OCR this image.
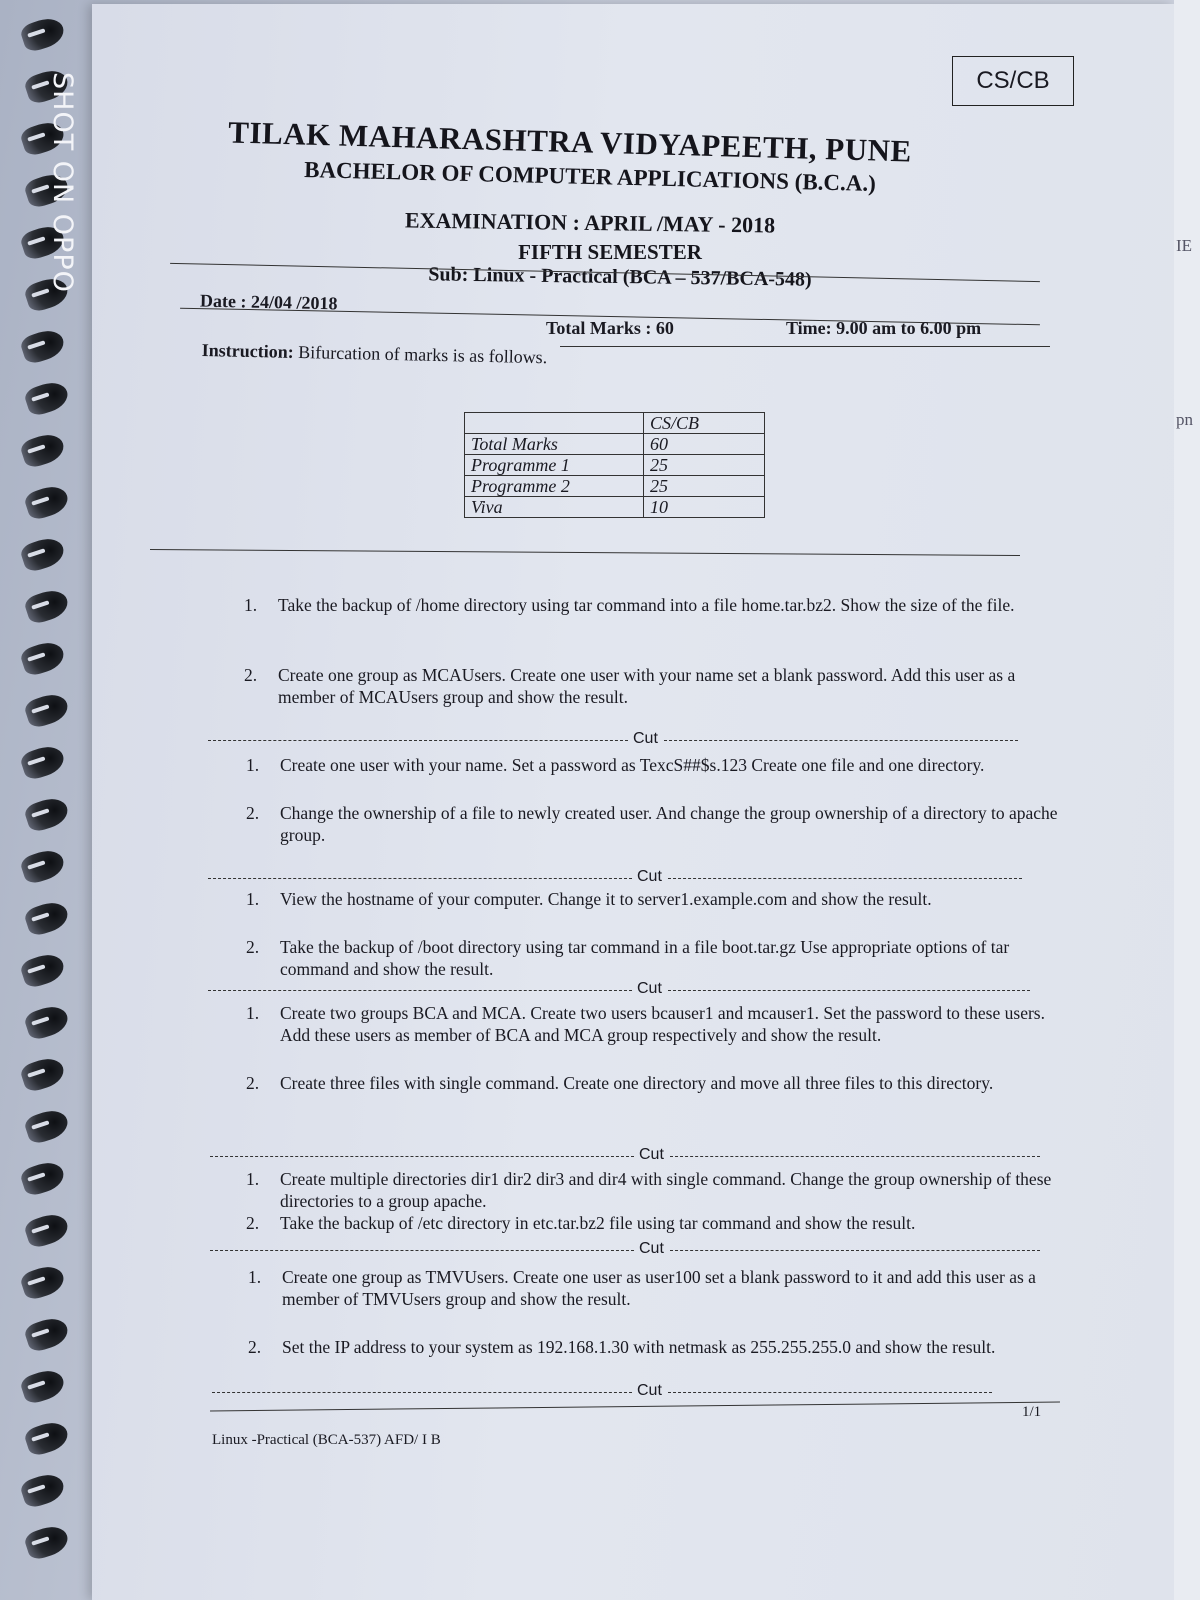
IE
pn
SHOT ON OPPO	CS/CB
TILAK MAHARASHTRA VIDYAPEETH, PUNE
BACHELOR OF COMPUTER APPLICATIONS (B.C.A.)
EXAMINATION : APRIL /MAY - 2018
FIFTH SEMESTER
Sub: Linux - Practical (BCA – 537/BCA-548)
Date : 24/04 /2018
Total Marks : 60	Time: 9.00 am to 6.00 pm
Instruction: Bifurcation of marks is as follows.
	CS/CB
Total Marks	60
Programme 1	25
Programme 2	25
Viva	10
1. Take the backup of /home directory using tar command into a file home.tar.bz2. Show the size of the file.
2. Create one group as MCAUsers. Create one user with your name set a blank password. Add this user as a member of MCAUsers group and show the result.
Cut
1. Create one user with your name. Set a password as TexcS##$s.123 Create one file and one directory.
2. Change the ownership of a file to newly created user. And change the group ownership of a directory to apache group.
Cut
1. View the hostname of your computer. Change it to server1.example.com and show the result.
2. Take the backup of /boot directory using tar command in a file boot.tar.gz Use appropriate options of tar command and show the result.
Cut
1. Create two groups BCA and MCA. Create two users bcauser1 and mcauser1. Set the password to these users. Add these users as member of BCA and MCA group respectively and show the result.
2. Create three files with single command. Create one directory and move all three files to this directory.
Cut
1. Create multiple directories dir1 dir2 dir3 and dir4 with single command. Change the group ownership of these directories to a group apache.
2. Take the backup of /etc directory in etc.tar.bz2 file using tar command and show the result.
Cut
1. Create one group as TMVUsers. Create one user as user100 set a blank password to it and add this user as a member of TMVUsers group and show the result.
2. Set the IP address to your system as 192.168.1.30 with netmask as 255.255.255.0 and show the result.
Cut
Linux -Practical (BCA-537) AFD/ I B
1/1
